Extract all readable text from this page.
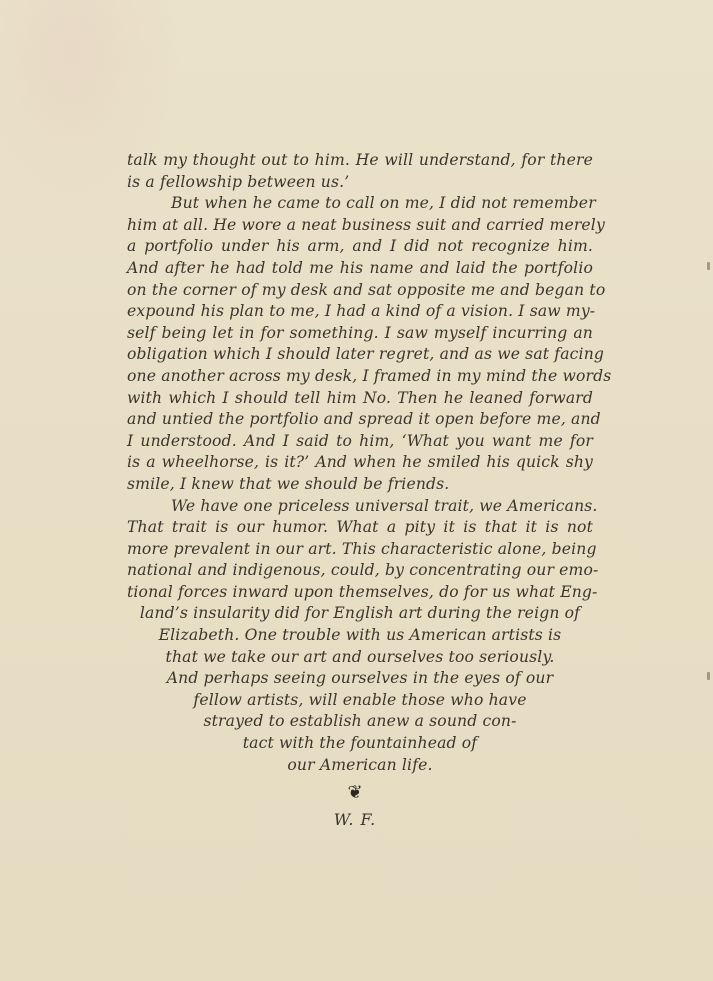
talk my thought out to him. He will understand, for there
is a fellowship between us.’
But when he came to call on me, I did not remember
him at all. He wore a neat business suit and carried merely
a portfolio under his arm, and I did not recognize him.
And after he had told me his name and laid the portfolio
on the corner of my desk and sat opposite me and began to
expound his plan to me, I had a kind of a vision. I saw my-
self being let in for something. I saw myself incurring an
obligation which I should later regret, and as we sat facing
one another across my desk, I framed in my mind the words
with which I should tell him No. Then he leaned forward
and untied the portfolio and spread it open before me, and
I understood. And I said to him, ‘What you want me for
is a wheelhorse, is it?’ And when he smiled his quick shy
smile, I knew that we should be friends.
We have one priceless universal trait, we Americans.
That trait is our humor. What a pity it is that it is not
more prevalent in our art. This characteristic alone, being
national and indigenous, could, by concentrating our emo-
tional forces inward upon themselves, do for us what Eng-
land’s insularity did for English art during the reign of
Elizabeth. One trouble with us American artists is
that we take our art and ourselves too seriously.
And perhaps seeing ourselves in the eyes of our
fellow artists, will enable those who have
strayed to establish anew a sound con-
tact with the fountainhead of
our American life.
❦
W. F.
